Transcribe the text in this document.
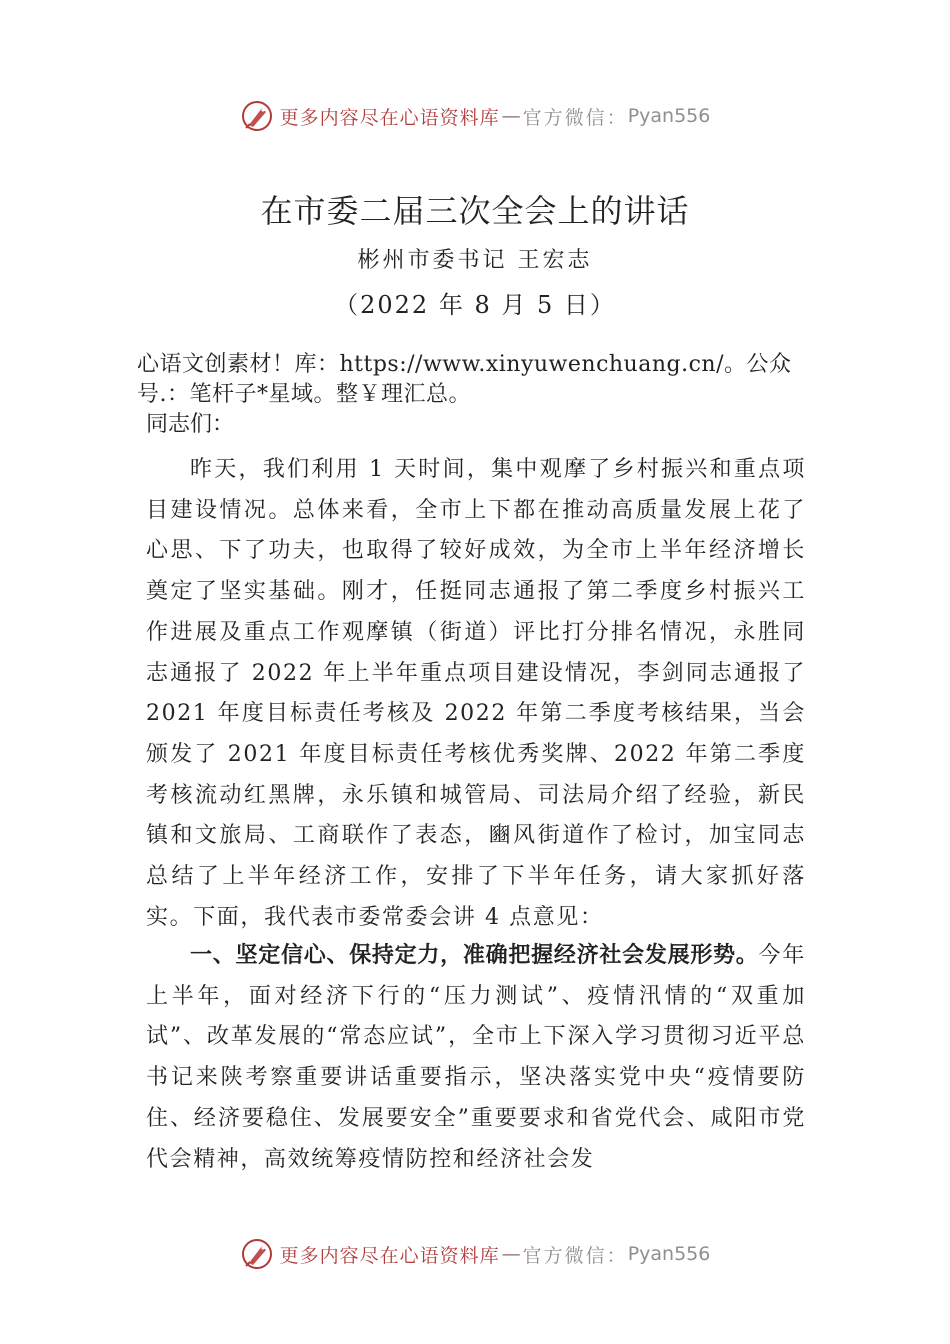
更多内容尽在心语资料库 — 官方微信： Pyan556
在市委二届三次全会上的讲话
彬州市委书记 王宏志
（2022 年 8 月 5 日）
心语文创素材！库：https://www.xinyuwenchuang.cn/。公众号.：笔杆子*星域。整￥理汇总。
同志们：

昨天，我们利用 1 天时间，集中观摩了乡村振兴和重点项目建设情况。总体来看，全市上下都在推动高质量发展上花了心思、下了功夫，也取得了较好成效，为全市上半年经济增长奠定了坚实基础。刚才，任挺同志通报了第二季度乡村振兴工作进展及重点工作观摩镇（街道）评比打分排名情况，永胜同志通报了 2022 年上半年重点项目建设情况，李剑同志通报了 2021 年度目标责任考核及 2022 年第二季度考核结果，当会颁发了 2021 年度目标责任考核优秀奖牌、2022 年第二季度考核流动红黑牌，永乐镇和城管局、司法局介绍了经验，新民镇和文旅局、工商联作了表态，豳风街道作了检讨，加宝同志总结了上半年经济工作，安排了下半年任务，请大家抓好落实。下面，我代表市委常委会讲 4 点意见：

一、坚定信心、保持定力，准确把握经济社会发展形势。今年上半年，面对经济下行的“压力测试”、疫情汛情的“双重加试”、改革发展的“常态应试”，全市上下深入学习贯彻习近平总书记来陕考察重要讲话重要指示，坚决落实党中央“疫情要防住、经济要稳住、发展要安全”重要要求和省党代会、咸阳市党代会精神，高效统筹疫情防控和经济社会发

更多内容尽在心语资料库 — 官方微信： Pyan556
